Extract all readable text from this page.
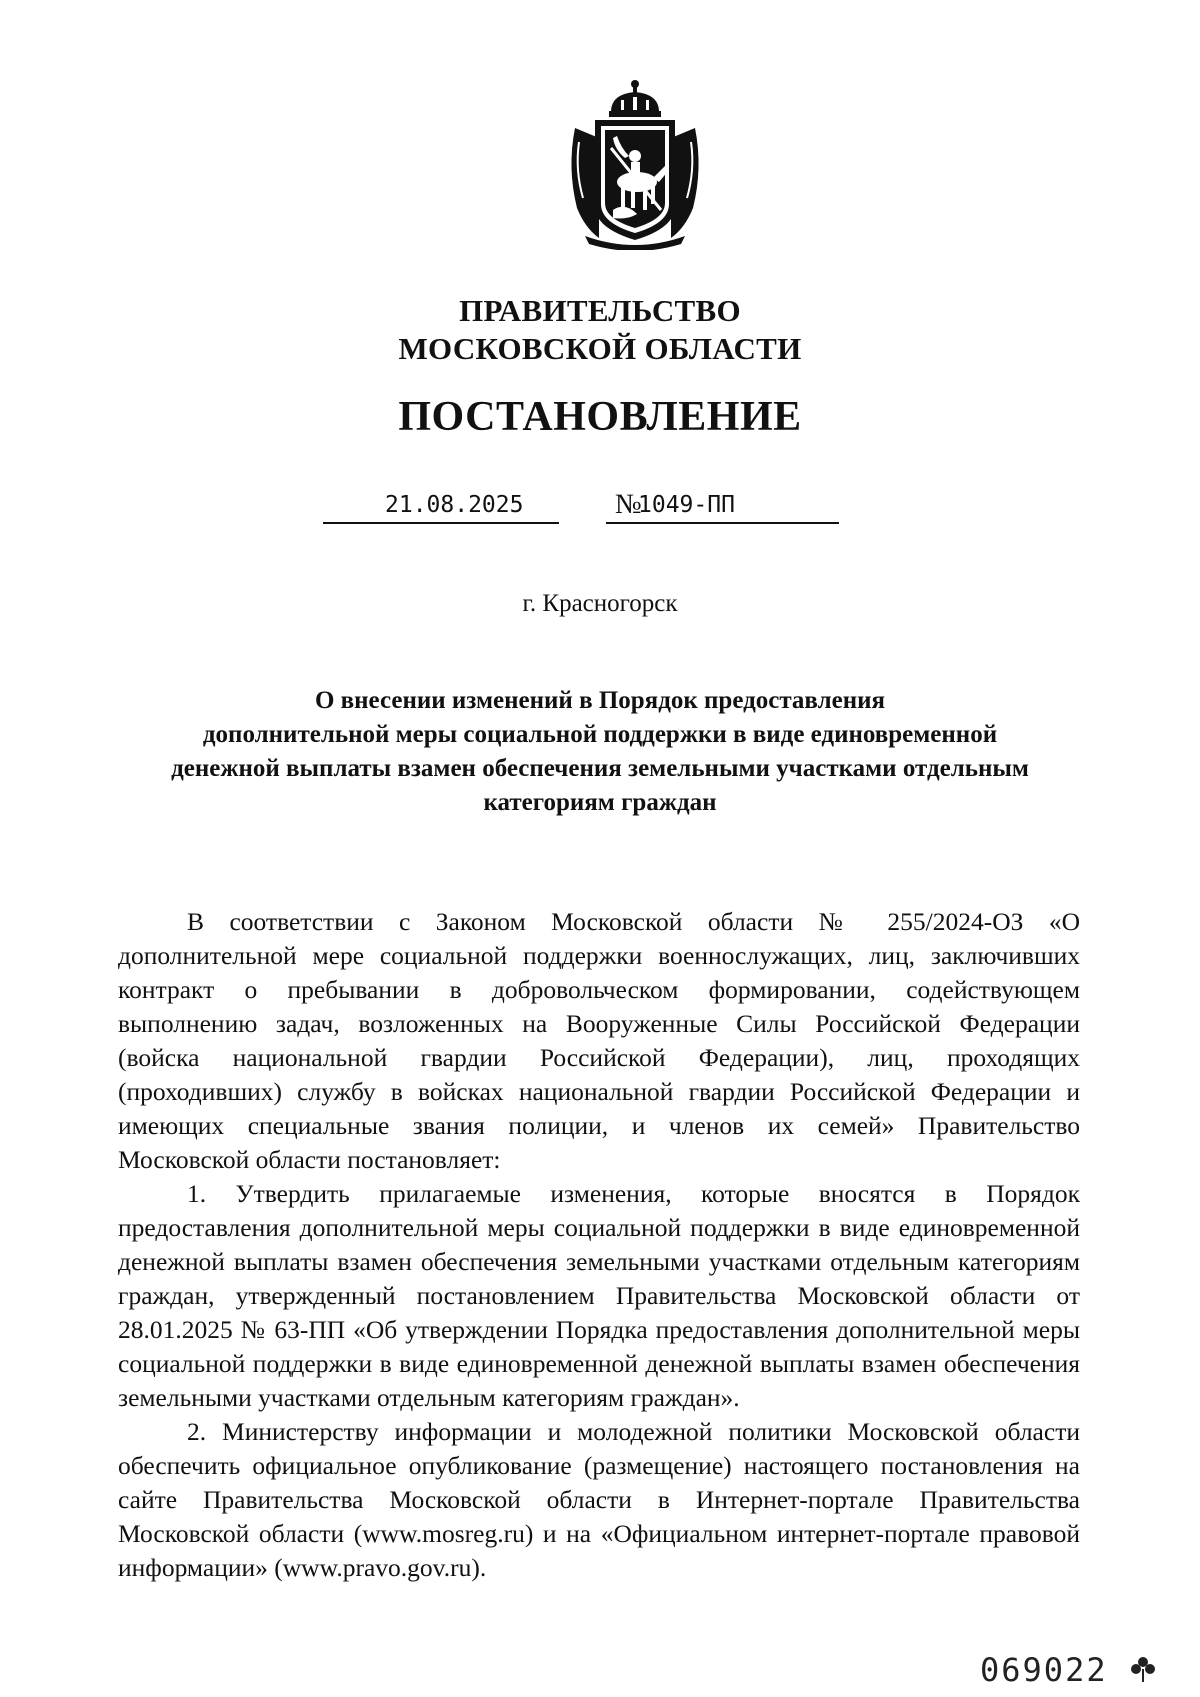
ПРАВИТЕЛЬСТВО
МОСКОВСКОЙ ОБЛАСТИ
ПОСТАНОВЛЕНИЕ
21.08.2025	№
1049-ПП
г. Красногорск
О внесении изменений в Порядок предоставления
дополнительной меры социальной поддержки в виде единовременной
денежной выплаты взамен обеспечения земельными участками отдельным
категориям граждан

В соответствии с Законом Московской области № 255/2024-ОЗ «О дополнительной мере социальной поддержки военнослужащих, лиц, заключивших контракт о пребывании в добровольческом формировании, содействующем выполнению задач, возложенных на Вооруженные Силы Российской Федерации (войска национальной гвардии Российской Федерации), лиц, проходящих (проходивших) службу в войсках национальной гвардии Российской Федерации и имеющих специальные звания полиции, и членов их семей» Правительство Московской области постановляет:

1. Утвердить прилагаемые изменения, которые вносятся в Порядок предоставления дополнительной меры социальной поддержки в виде единовременной денежной выплаты взамен обеспечения земельными участками отдельным категориям граждан, утвержденный постановлением Правительства Московской области от 28.01.2025 № 63-ПП «Об утверждении Порядка предоставления дополнительной меры социальной поддержки в виде единовременной денежной выплаты взамен обеспечения земельными участками отдельным категориям граждан».

2. Министерству информации и молодежной политики Московской области обеспечить официальное опубликование (размещение) настоящего постановления на сайте Правительства Московской области в Интернет-портале Правительства Московской области (www.mosreg.ru) и на «Официальном интернет-портале правовой информации» (www.pravo.gov.ru).

069022
